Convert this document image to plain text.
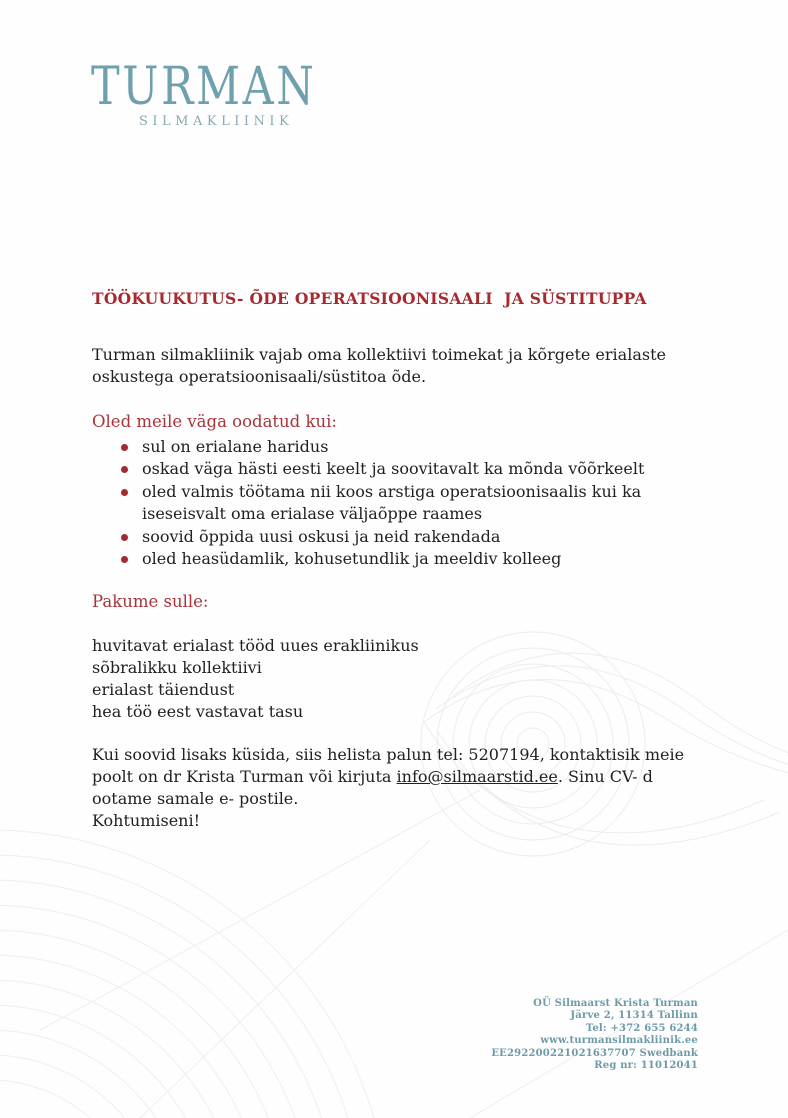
TURMAN
SILMAKLIINIK
TÖÖKUUKUTUS- ÕDE OPERATSIOONISAALI  JA SÜSTITUPPA

Turman silmakliinik vajab oma kollektiivi toimekat ja kõrgete erialaste oskustega operatsioonisaali/süstitoa õde.

Oled meile väga oodatud kui:
sul on erialane haridus
oskad väga hästi eesti keelt ja soovitavalt ka mõnda võõrkeelt
oled valmis töötama nii koos arstiga operatsioonisaalis kui ka iseseisvalt oma erialase väljaõppe raames
soovid õppida uusi oskusi ja neid rakendada
oled heasüdamlik, kohusetundlik ja meeldiv kolleeg
Pakume sulle:
huvitavat erialast tööd uues erakliinikus
sõbralikku kollektiivi
erialast täiendust
hea töö eest vastavat tasu
Kui soovid lisaks küsida, siis helista palun tel: 5207194, kontaktisik meie poolt on dr Krista Turman või kirjuta info@silmaarstid.ee. Sinu CV- d ootame samale e- postile.
Kohtumiseni!
OÜ Silmaarst Krista Turman
Järve 2, 11314 Tallinn
Tel: +372 655 6244
www.turmansilmakliinik.ee
EE292200221021637707 Swedbank
Reg nr: 11012041
